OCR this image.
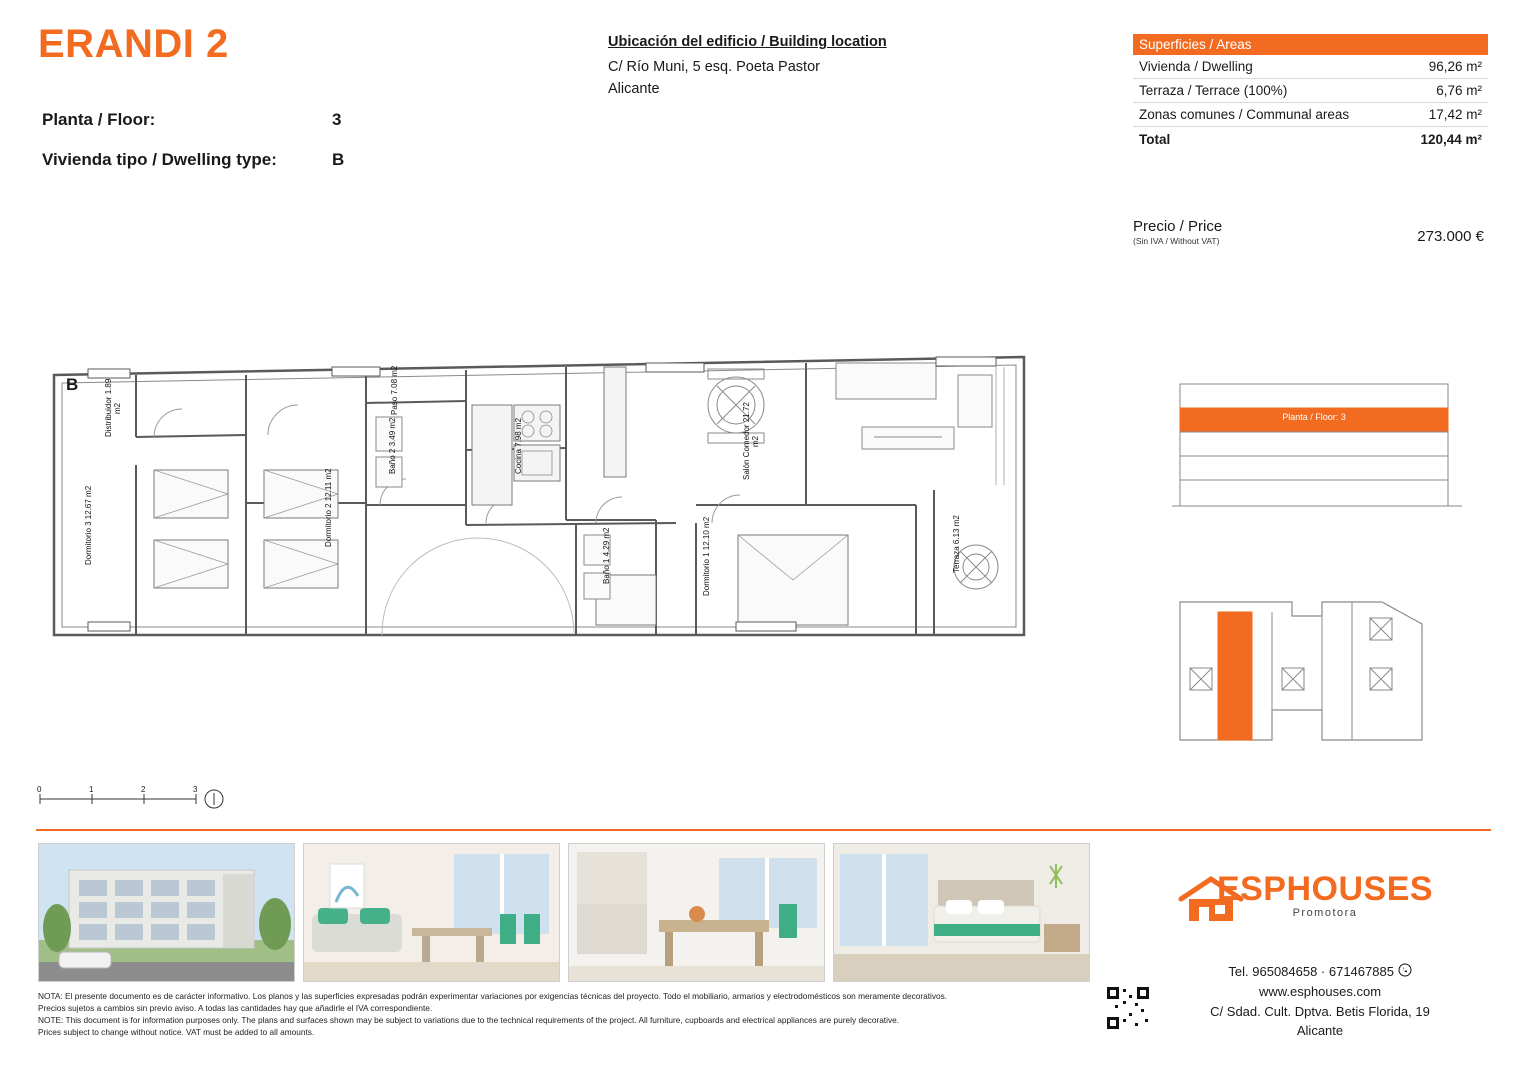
ERANDI 2
Planta / Floor:	3
Vivienda tipo / Dwelling type:	B
Ubicación del edificio / Building location
C/ Río Muni, 5 esq. Poeta Pastor
Alicante
Superficies / Areas
Vivienda / Dwelling	96,26 m²
Terraza / Terrace (100%)	6,76 m²
Zonas comunes / Communal areas	17,42 m²
Total	120,44 m²
Precio / Price
(Sin IVA / Without VAT)	273.000 €
B
Distribuidor 1.89 m2
Dormitorio 3 12.67 m2
Dormitorio 2 12.11 m2
Paso 7.08 m2
Baño 2 3.49 m2
Cocina 7.98 m2	Salón Comedor 21.72 m2
Baño 1 4.29 m2
Dormitorio 1 12.10 m2
Terraza 6.13 m2
0	1	2	3
Planta / Floor: 3
NOTA: El presente documento es de carácter informativo. Los planos y las superficies expresadas podrán experimentar variaciones por exigencias técnicas del proyecto. Todo el mobiliario, armarios y electrodomésticos son meramente decorativos.
Precios sujetos a cambios sin previo aviso. A todas las cantidades hay que añadirle el IVA correspondiente.
NOTE: This document is for information purposes only. The plans and surfaces shown may be subject to variations due to the technical requirements of the project. All furniture, cupboards and electrical appliances are purely decorative.
Prices subject to change without notice. VAT must be added to all amounts.
ESPHOUSES
Promotora
Tel. 965084658 · 671467885
www.esphouses.com
C/ Sdad. Cult. Dptva. Betis Florida, 19
Alicante
